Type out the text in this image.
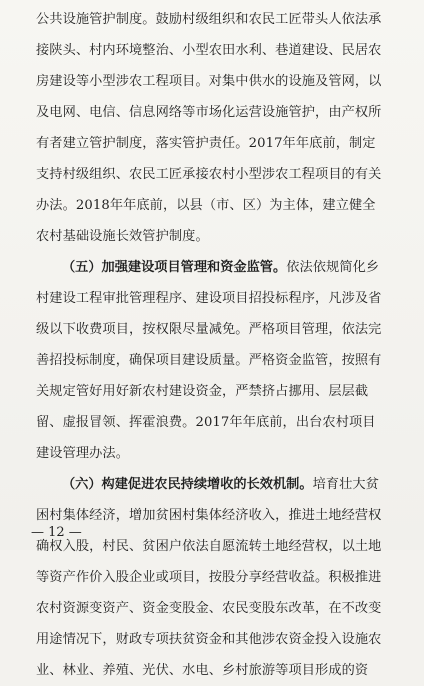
公共设施管护制度。鼓励村级组织和农民工匠带头人依法承
接陕头、村内环境整治、小型农田水利、巷道建设、民居农
房建设等小型涉农工程项目。对集中供水的设施及管网，以
及电网、电信、信息网络等市场化运营设施管护，由产权所
有者建立管护制度，落实管护责任。2017年年底前，制定
支持村级组织、农民工匠承接农村小型涉农工程项目的有关
办法。2018年年底前，以县（市、区）为主体，建立健全
农村基础设施长效管护制度。
（五）加强建设项目管理和资金监管。依法依规简化乡
村建设工程审批管理程序、建设项目招投标程序，凡涉及省
级以下收费项目，按权限尽量减免。严格项目管理，依法完
善招投标制度，确保项目建设质量。严格资金监管，按照有
关规定管好用好新农村建设资金，严禁挤占挪用、层层截
留、虚报冒领、挥霍浪费。2017年年底前，出台农村项目
建设管理办法。
（六）构建促进农民持续增收的长效机制。培育壮大贫
困村集体经济，增加贫困村集体经济收入，推进土地经营权
确权入股，村民、贫困户依法自愿流转土地经营权，以土地
等资产作价入股企业或项目，按股分享经营收益。积极推进
农村资源变资产、资金变股金、农民变股东改革，在不改变
用途情况下，财政专项扶贫资金和其他涉农资金投入设施农
业、林业、养殖、光伏、水电、乡村旅游等项目形成的资
— 12 —
